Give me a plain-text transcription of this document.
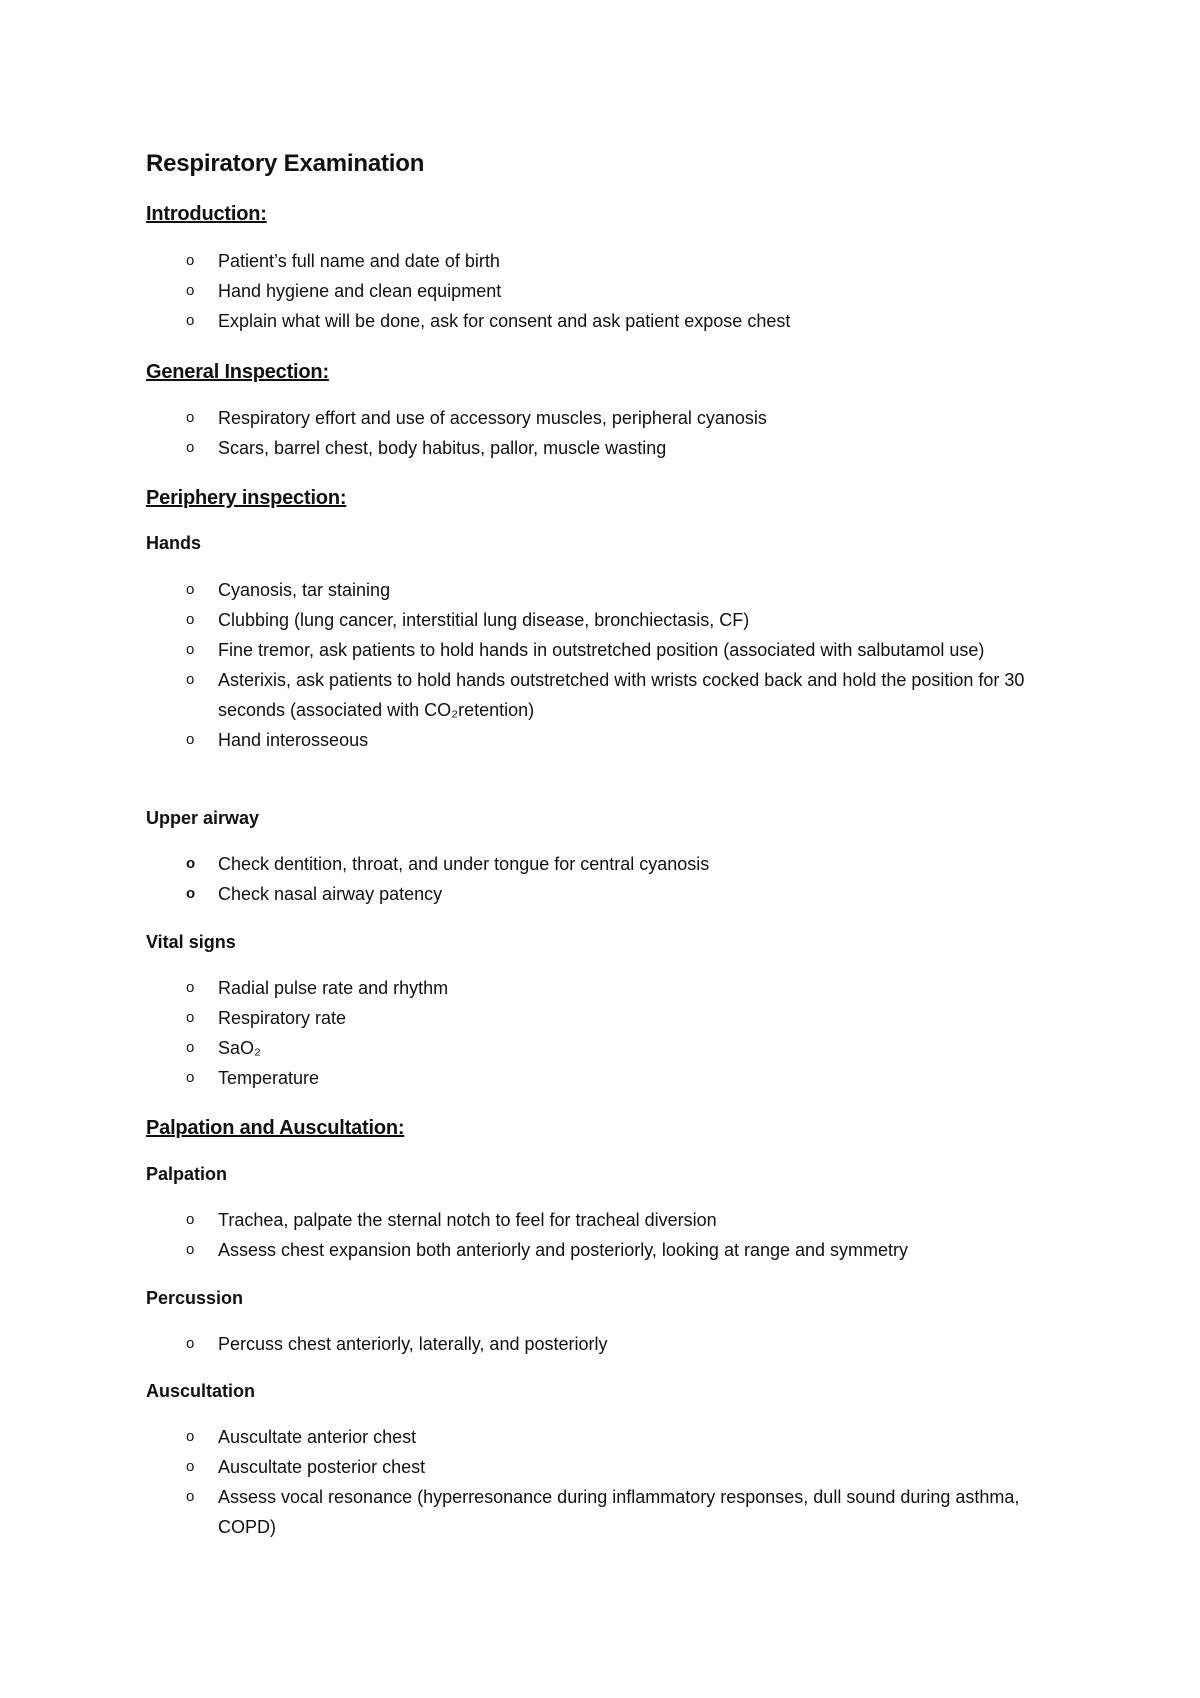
Respiratory Examination
Introduction:
o Patient’s full name and date of birth
o Hand hygiene and clean equipment
o Explain what will be done, ask for consent and ask patient expose chest
General Inspection:
o Respiratory effort and use of accessory muscles, peripheral cyanosis
o Scars, barrel chest, body habitus, pallor, muscle wasting
Periphery inspection:
Hands
o Cyanosis, tar staining
o Clubbing (lung cancer, interstitial lung disease, bronchiectasis, CF)
o Fine tremor, ask patients to hold hands in outstretched position (associated with salbutamol use)
o Asterixis, ask patients to hold hands outstretched with wrists cocked back and hold the position for 30 seconds (associated with CO₂retention)
o Hand interosseous
Upper airway
o Check dentition, throat, and under tongue for central cyanosis
o Check nasal airway patency
Vital signs
o Radial pulse rate and rhythm
o Respiratory rate
o SaO₂
o Temperature
Palpation and Auscultation:
Palpation
o Trachea, palpate the sternal notch to feel for tracheal diversion
o Assess chest expansion both anteriorly and posteriorly, looking at range and symmetry
Percussion
o Percuss chest anteriorly, laterally, and posteriorly
Auscultation
o Auscultate anterior chest
o Auscultate posterior chest
o Assess vocal resonance (hyperresonance during inflammatory responses, dull sound during asthma, COPD)
